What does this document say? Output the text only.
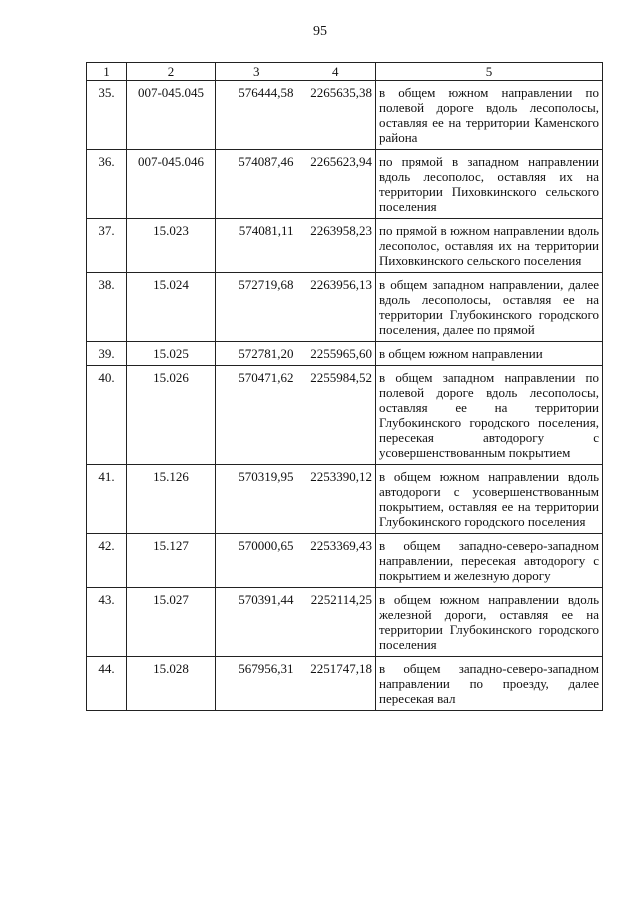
95
1	2	3	4	5
35.	007-045.045	576444,58	2265635,38	в общем южном направлении по полевой дороге вдоль лесополосы, оставляя ее на территории Каменского района
36.	007-045.046	574087,46	2265623,94	по прямой в западном направлении вдоль лесополос, оставляя их на территории Пиховкинского сельского поселения
37.	15.023	574081,11	2263958,23	по прямой в южном направлении вдоль лесополос, оставляя их на территории Пиховкинского сельского поселения
38.	15.024	572719,68	2263956,13	в общем западном направлении, далее вдоль лесополосы, оставляя ее на территории Глубокинского городского поселения, далее по прямой
39.	15.025	572781,20	2255965,60	в общем южном направлении
40.	15.026	570471,62	2255984,52	в общем западном направлении по полевой дороге вдоль лесополосы, оставляя ее на территории Глубокинского городского поселения, пересекая автодорогу с усовершенствованным покрытием
41.	15.126	570319,95	2253390,12	в общем южном направлении вдоль автодороги с усовершенствованным покрытием, оставляя ее на территории Глубокинского городского поселения
42.	15.127	570000,65	2253369,43	в общем западно-северо-западном направлении, пересекая автодорогу с покрытием и железную дорогу
43.	15.027	570391,44	2252114,25	в общем южном направлении вдоль железной дороги, оставляя ее на территории Глубокинского городского поселения
44.	15.028	567956,31	2251747,18	в общем западно-северо-западном направлении по проезду, далее пересекая вал
